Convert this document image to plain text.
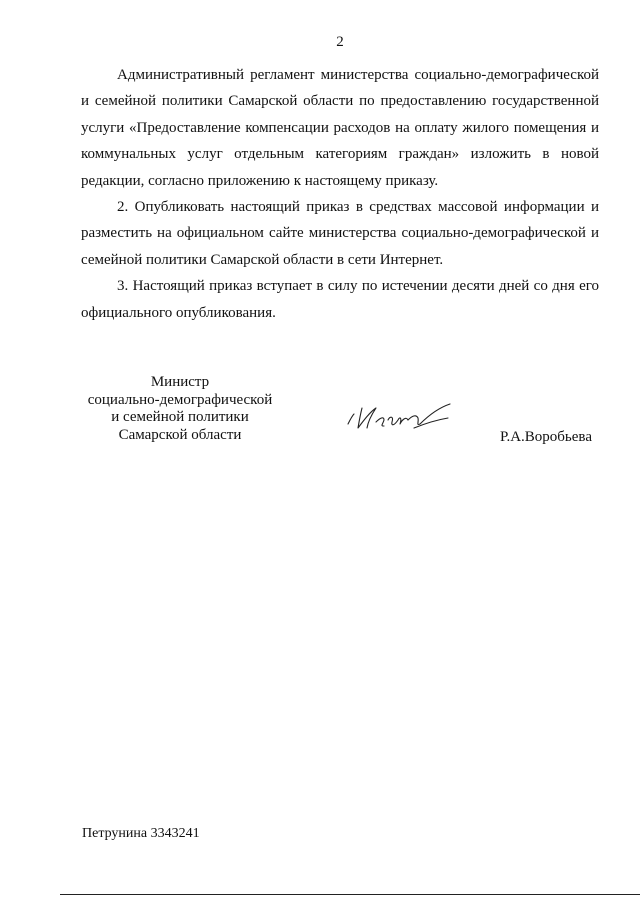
2

Административный регламент министерства социально-демографической и семейной политики Самарской области по предоставлению государственной услуги «Предоставление компенсации расходов на оплату жилого помещения и коммунальных услуг отдельным категориям граждан» изложить в новой редакции, согласно приложению к настоящему приказу.

2. Опубликовать настоящий приказ в средствах массовой информации и разместить на официальном сайте министерства социально-демографической и семейной политики Самарской области в сети Интернет.

3. Настоящий приказ вступает в силу по истечении десяти дней со дня его официального опубликования.

Министр
социально-демографической
и семейной политики
Самарской области	Р.А.Воробьева
Петрунина 3343241
